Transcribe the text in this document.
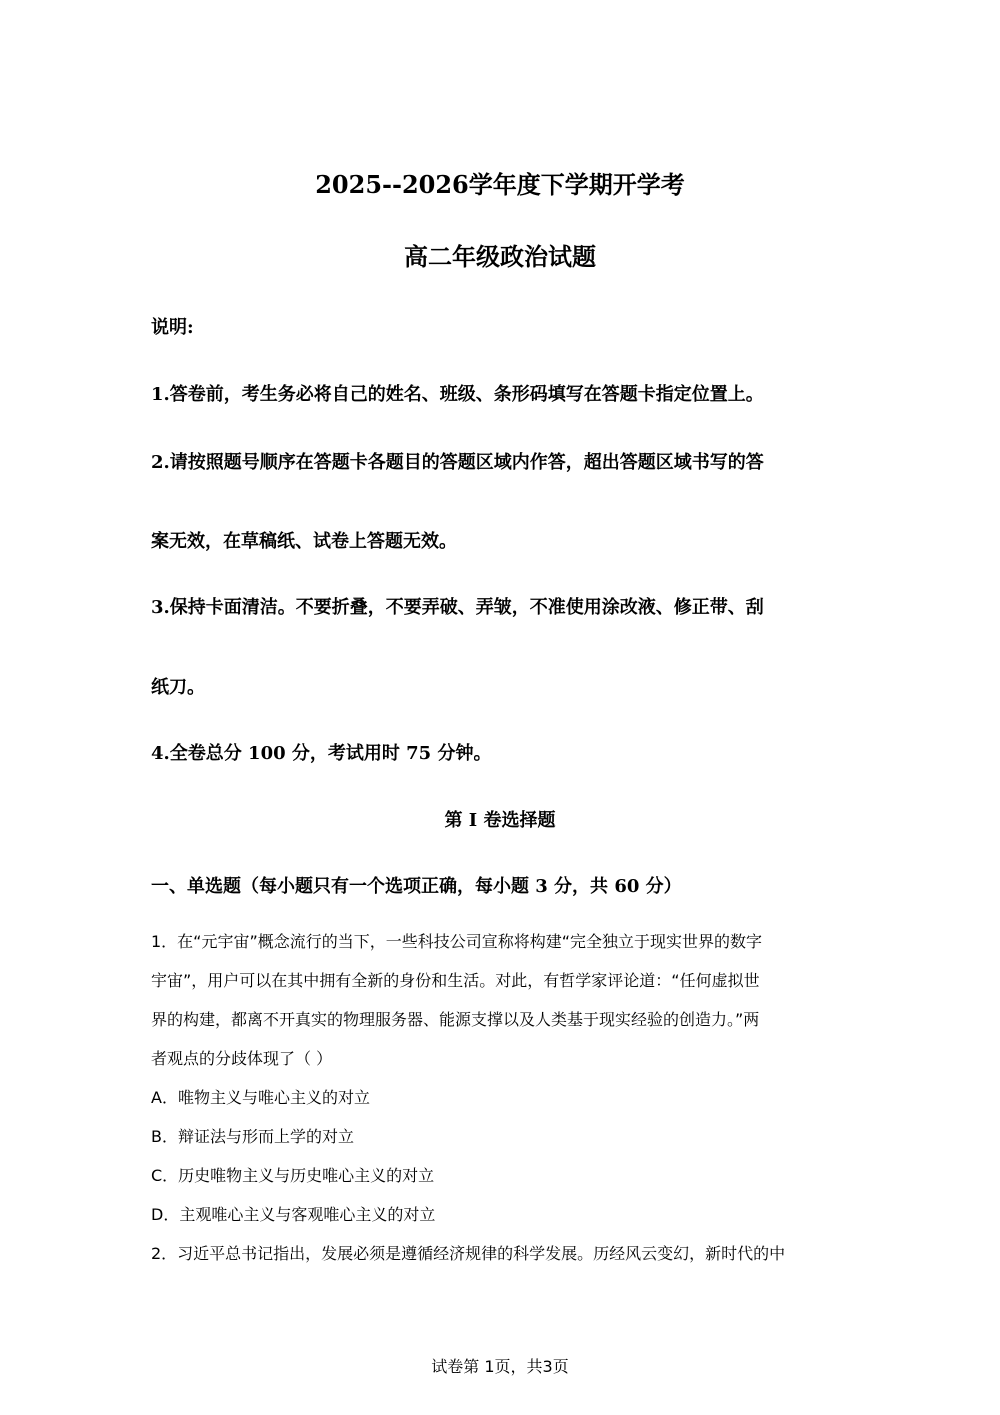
2025--2026学年度下学期开学考
高二年级政治试题
说明:
1.答卷前，考生务必将自己的姓名、班级、条形码填写在答题卡指定位置上。
2.请按照题号顺序在答题卡各题目的答题区域内作答，超出答题区域书写的答
案无效，在草稿纸、试卷上答题无效。
3.保持卡面清洁。不要折叠，不要弄破、弄皱，不准使用涂改液、修正带、刮
纸刀。
4.全卷总分 100 分，考试用时 75 分钟。
第 I 卷选择题
一、单选题（每小题只有一个选项正确，每小题 3 分，共 60 分）
1．在“元宇宙”概念流行的当下，一些科技公司宣称将构建“完全独立于现实世界的数字
宇宙”，用户可以在其中拥有全新的身份和生活。对此，有哲学家评论道：“任何虚拟世
界的构建，都离不开真实的物理服务器、能源支撑以及人类基于现实经验的创造力。”两
者观点的分歧体现了（ ）
A．唯物主义与唯心主义的对立
B．辩证法与形而上学的对立
C．历史唯物主义与历史唯心主义的对立
D．主观唯心主义与客观唯心主义的对立
2．习近平总书记指出，发展必须是遵循经济规律的科学发展。历经风云变幻，新时代的中
试卷第 1页，共3页
